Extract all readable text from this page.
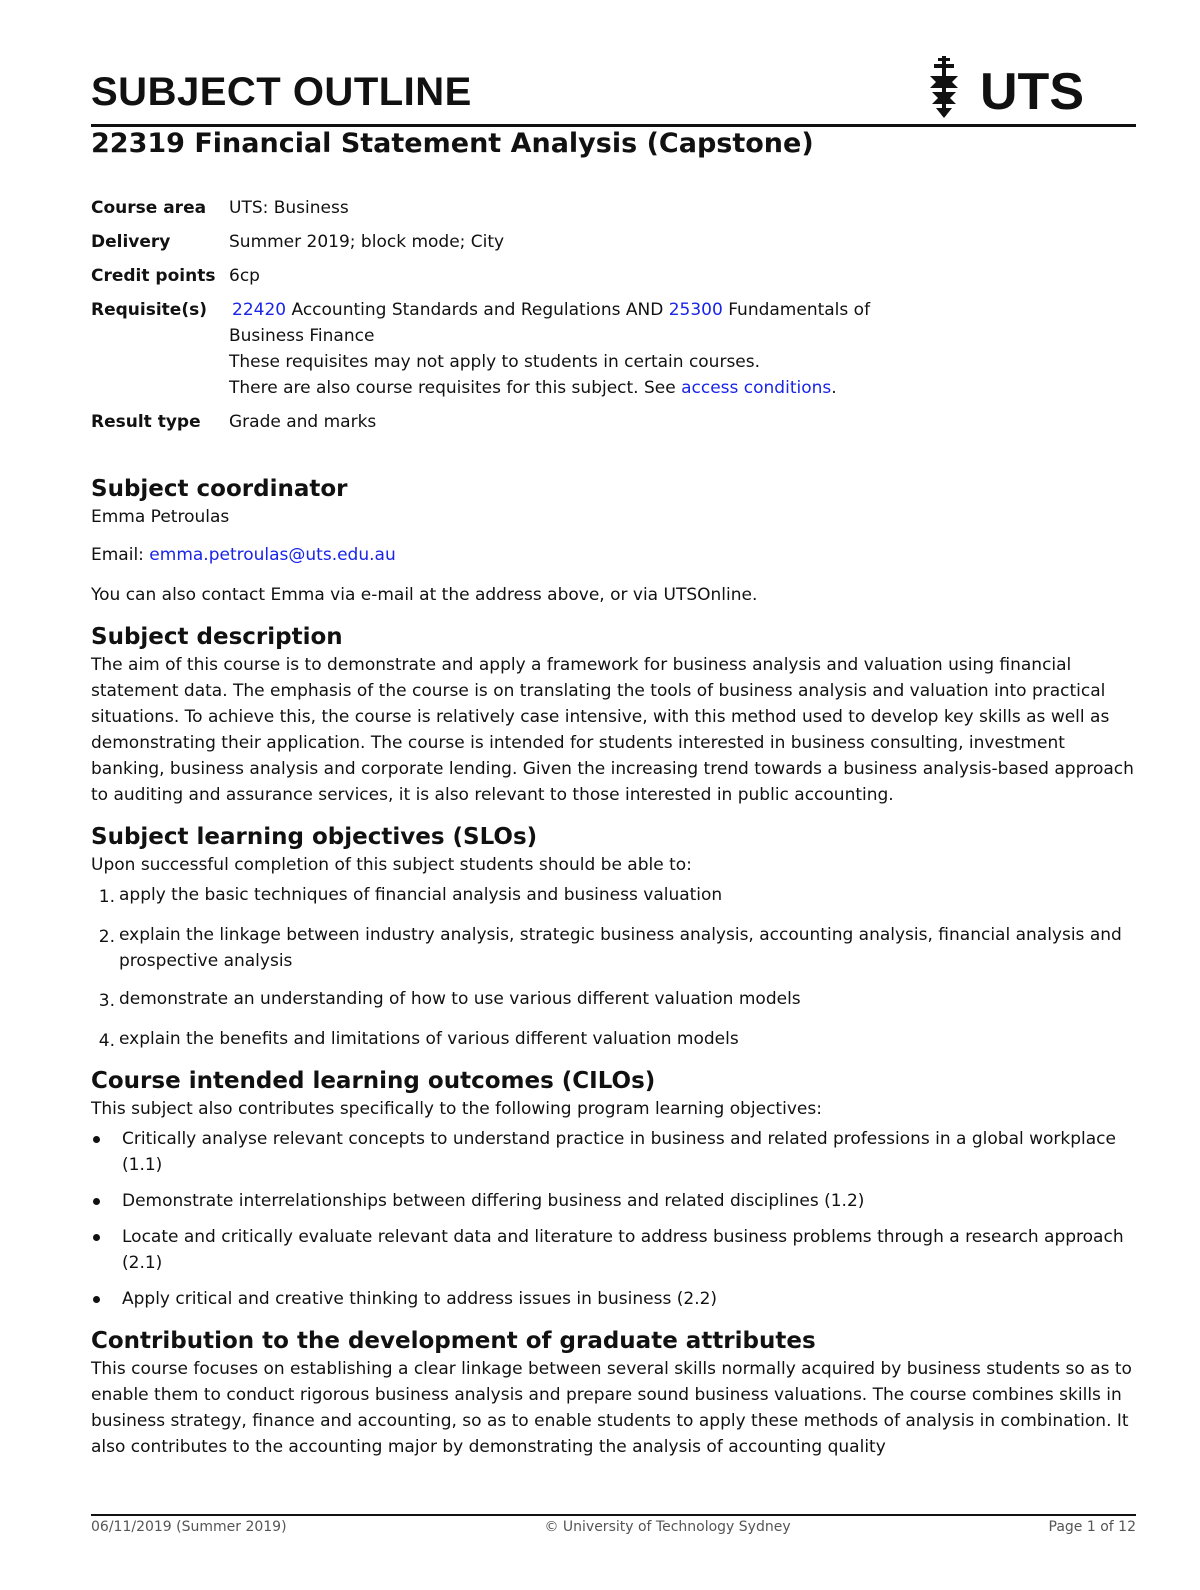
SUBJECT OUTLINE	UTS
22319 Financial Statement Analysis (Capstone)
Course area	UTS: Business
Delivery	Summer 2019; block mode; City
Credit points 6cp
Requisite(s)	22420 Accounting Standards and Regulations AND 25300 Fundamentals of Business Finance
These requisites may not apply to students in certain courses.
There are also course requisites for this subject. See access conditions.
Result type	Grade and marks
Subject coordinator

Emma Petroulas

Email: emma.petroulas@uts.edu.au

You can also contact Emma via e-mail at the address above, or via UTSOnline.

Subject description

The aim of this course is to demonstrate and apply a framework for business analysis and valuation using financial statement data. The emphasis of the course is on translating the tools of business analysis and valuation into practical situations. To achieve this, the course is relatively case intensive, with this method used to develop key skills as well as demonstrating their application. The course is intended for students interested in business consulting, investment banking, business analysis and corporate lending. Given the increasing trend towards a business analysis-based approach to auditing and assurance services, it is also relevant to those interested in public accounting.

Subject learning objectives (SLOs)

Upon successful completion of this subject students should be able to:

1. apply the basic techniques of financial analysis and business valuation
2. explain the linkage between industry analysis, strategic business analysis, accounting analysis, financial analysis and prospective analysis
3. demonstrate an understanding of how to use various different valuation models
4. explain the benefits and limitations of various different valuation models
Course intended learning outcomes (CILOs)

This subject also contributes specifically to the following program learning objectives:

Critically analyse relevant concepts to understand practice in business and related professions in a global workplace (1.1)
Demonstrate interrelationships between differing business and related disciplines (1.2)
Locate and critically evaluate relevant data and literature to address business problems through a research approach (2.1)
Apply critical and creative thinking to address issues in business (2.2)
Contribution to the development of graduate attributes

This course focuses on establishing a clear linkage between several skills normally acquired by business students so as to enable them to conduct rigorous business analysis and prepare sound business valuations. The course combines skills in business strategy, finance and accounting, so as to enable students to apply these methods of analysis in combination. It also contributes to the accounting major by demonstrating the analysis of accounting quality

06/11/2019 (Summer 2019)	© University of Technology Sydney	Page 1 of 12
